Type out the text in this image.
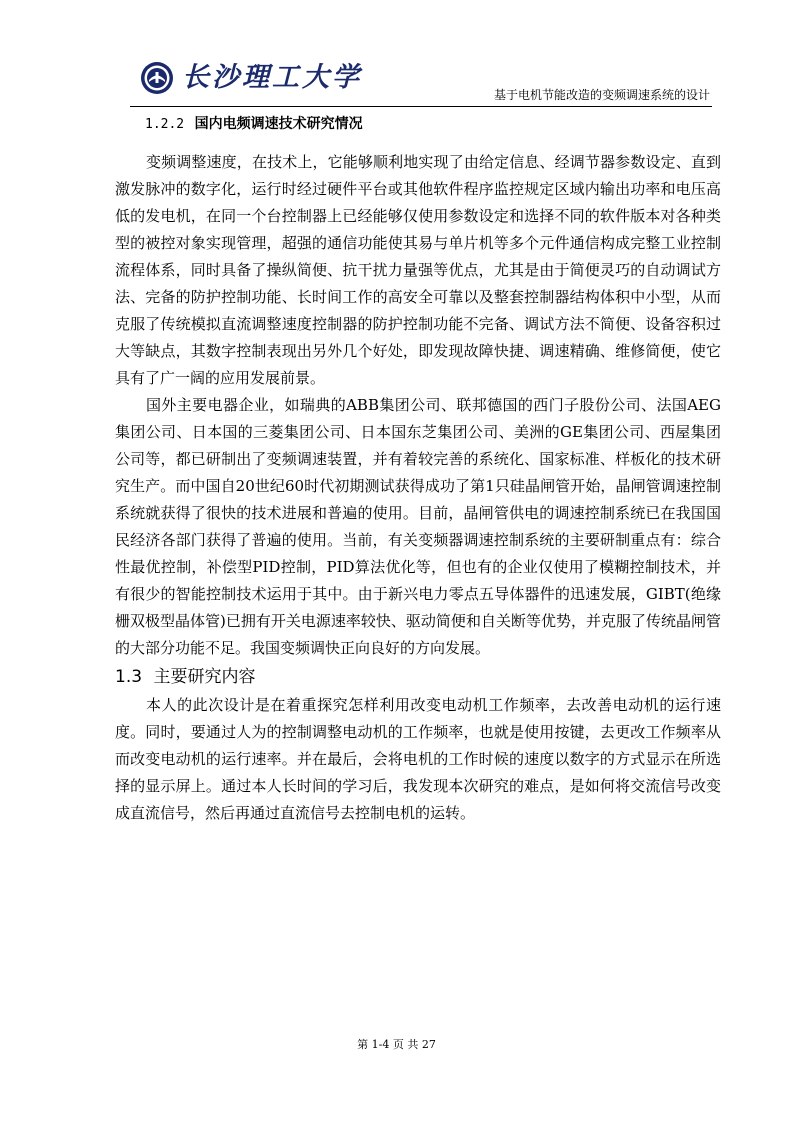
长沙理工大学
基于电机节能改造的变频调速系统的设计
1.2.2 国内电频调速技术研究情况

变频调整速度，在技术上，它能够顺利地实现了由给定信息、经调节器参数设定、直到激发脉冲的数字化，运行时经过硬件平台或其他软件程序监控规定区域内输出功率和电压高低的发电机，在同一个台控制器上已经能够仅使用参数设定和选择不同的软件版本对各种类型的被控对象实现管理，超强的通信功能使其易与单片机等多个元件通信构成完整工业控制流程体系，同时具备了操纵简便、抗干扰力量强等优点，尤其是由于简便灵巧的自动调试方法、完备的防护控制功能、长时间工作的高安全可靠以及整套控制器结构体积中小型，从而克服了传统模拟直流调整速度控制器的防护控制功能不完备、调试方法不简便、设备容积过大等缺点，其数字控制表现出另外几个好处，即发现故障快捷、调速精确、维修简便，使它具有了广一阔的应用发展前景。

国外主要电器企业，如瑞典的ABB集团公司、联邦德国的西门子股份公司、法国AEG集团公司、日本国的三菱集团公司、日本国东芝集团公司、美洲的GE集团公司、西屋集团公司等，都已研制出了变频调速装置，并有着较完善的系统化、国家标准、样板化的技术研究生产。而中国自20世纪60时代初期测试获得成功了第1只硅晶闸管开始，晶闸管调速控制系统就获得了很快的技术进展和普遍的使用。目前，晶闸管供电的调速控制系统已在我国国民经济各部门获得了普遍的使用。当前，有关变频器调速控制系统的主要研制重点有：综合性最优控制，补偿型PID控制，PID算法优化等，但也有的企业仅使用了模糊控制技术，并有很少的智能控制技术运用于其中。由于新兴电力零点五导体器件的迅速发展，GIBT(绝缘栅双极型晶体管)已拥有开关电源速率较快、驱动简便和自关断等优势，并克服了传统晶闸管的大部分功能不足。我国变频调快正向良好的方向发展。

1.3 主要研究内容

本人的此次设计是在着重探究怎样利用改变电动机工作频率，去改善电动机的运行速度。同时，要通过人为的控制调整电动机的工作频率，也就是使用按键，去更改工作频率从而改变电动机的运行速率。并在最后，会将电机的工作时候的速度以数字的方式显示在所选择的显示屏上。通过本人长时间的学习后，我发现本次研究的难点，是如何将交流信号改变成直流信号，然后再通过直流信号去控制电机的运转。

第 1-4 页 共 27
